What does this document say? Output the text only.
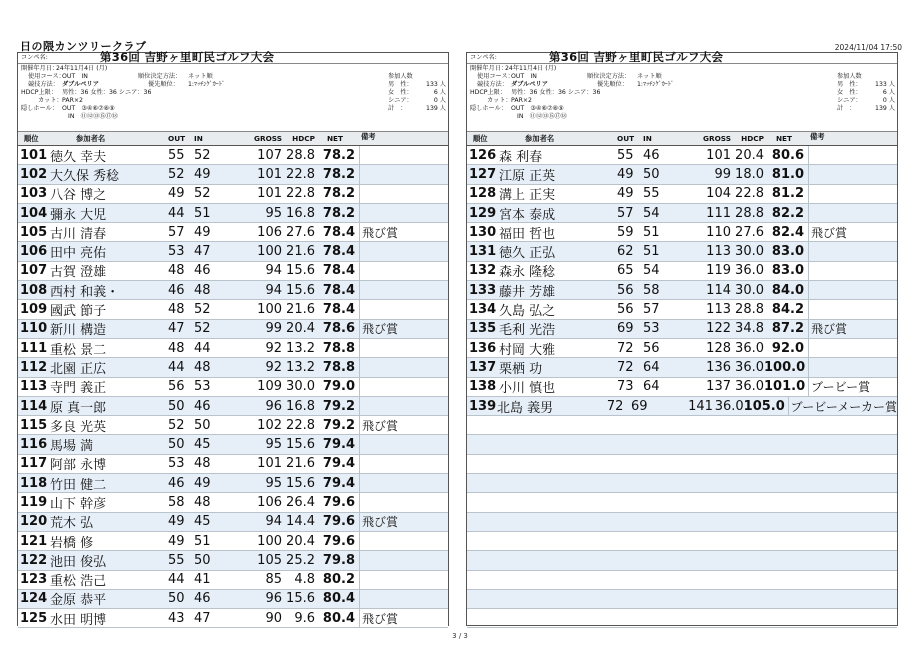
日の隈カンツリークラブ	2024/11/04 17:50
コンペ名:	第36回 吉野ヶ里町民ゴルフ大会
開催年月日：
24年11月4日 (月)
使用コース：
OUT　IN	順位決定方法： ネット順
競技方法： ダブルペリア	優先順位： 1:ﾏｯﾁﾝｸﾞｶｰﾄﾞ
HDCP上限： 男性：36 女性：36 シニア：36
カット： PAR×2
隠しホール： OUT　③④⑥⑦⑧⑨
IN　⑪⑫⑬⑮⑰⑱
参加人数
男　性： 133 人
女　性：	6 人
シニア：	0 人
計　：	139 人
順位	参加者名	OUT	IN	GROSS	HDCP	NET	備考
101 徳久 幸夫	55 52	107 28.8 78.2
102 大久保 秀稔	52 49	101 22.8 78.2
103 八谷 博之	49 52	101 22.8 78.2
104 彌永 大児	44 51	95 16.8 78.2
105 古川 清春	57 49	106 27.6 78.4 飛び賞
106 田中 亮佑	53 47	100 21.6 78.4
107 古賀 澄雄	48 46	94 15.6 78.4
108 西村 和義・	46 48	94 15.6 78.4
109 國武 節子	48 52	100 21.6 78.4
110 新川 構造	47 52	99 20.4 78.6 飛び賞
111 重松 景二	48 44	92 13.2 78.8
112 北園 正広	44 48	92 13.2 78.8
113 寺門 義正	56 53	109 30.0 79.0
114 原 真一郎	50 46	96 16.8 79.2
115 多良 光英	52 50	102 22.8 79.2 飛び賞
116 馬場 満	50 45	95 15.6 79.4
117 阿部 永博	53 48	101 21.6 79.4
118 竹田 健二	46 49	95 15.6 79.4
119 山下 幹彦	58 48	106 26.4 79.6
120 荒木 弘	49 45	94 14.4 79.6 飛び賞
121 岩橋 修	49 51	100 20.4 79.6
122 池田 俊弘	55 50	105 25.2 79.8
123 重松 浩己	44 41	85 4.8 80.2
124 金原 恭平	50 46	96 15.6 80.4
125 水田 明博	43 47	90 9.6 80.4 飛び賞
コンペ名:	第36回 吉野ヶ里町民ゴルフ大会
開催年月日：
24年11月4日 (月)
使用コース：
OUT　IN	順位決定方法： ネット順
競技方法： ダブルペリア	優先順位： 1:ﾏｯﾁﾝｸﾞｶｰﾄﾞ
HDCP上限： 男性：36 女性：36 シニア：36
カット： PAR×2
隠しホール： OUT　③④⑥⑦⑧⑨
IN　⑪⑫⑬⑮⑰⑱
参加人数
男　性： 133 人
女　性：	6 人
シニア：	0 人
計　：	139 人
順位	参加者名	OUT	IN	GROSS	HDCP	NET	備考
126 森 利春	55 46	101 20.4 80.6
127 江原 正英	49 50	99 18.0 81.0
128 溝上 正実	49 55	104 22.8 81.2
129 宮本 泰成	57 54	111 28.8 82.2
130 福田 哲也	59 51	110 27.6 82.4 飛び賞
131 徳久 正弘	62 51	113 30.0 83.0
132 森永 隆稔	65 54	119 36.0 83.0
133 藤井 芳雄	56 58	114 30.0 84.0
134 久島 弘之	56 57	113 28.8 84.2
135 毛利 光浩	69 53	122 34.8 87.2 飛び賞
136 村岡 大雅	72 56	128 36.0 92.0
137 栗栖 功	72 64	136 36.0 100.0
138 小川 慎也	73 64	137 36.0 101.0 ブービー賞
139 北島 義男	72 69	141 36.0 105.0 ブービーメーカー賞
3 / 3
